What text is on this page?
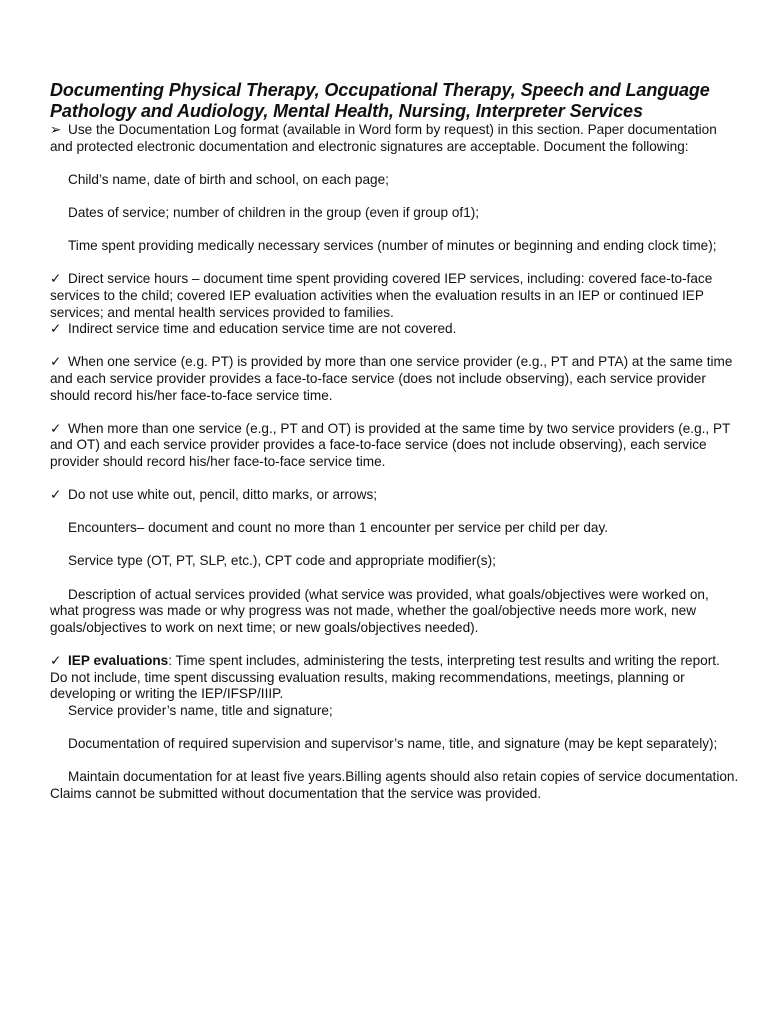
Documenting Physical Therapy, Occupational Therapy, Speech and Language
Pathology and Audiology, Mental Health, Nursing, Interpreter Services

➢ Use the Documentation Log format (available in Word form by request) in this section. Paper documentation and protected electronic documentation and electronic signatures are acceptable. Document the following:

Child’s name, date of birth and school, on each page;

Dates of service; number of children in the group (even if group of1);

Time spent providing medically necessary services (number of minutes or beginning and ending clock time);

✓ Direct service hours – document time spent providing covered IEP services, including: covered face-to-face services to the child; covered IEP evaluation activities when the evaluation results in an IEP or continued IEP services; and mental health services provided to families.

✓ Indirect service time and education service time are not covered.

✓ When one service (e.g. PT) is provided by more than one service provider (e.g., PT and PTA) at the same time and each service provider provides a face-to-face service (does not include observing), each service provider should record his/her face-to-face service time.

✓ When more than one service (e.g., PT and OT) is provided at the same time by two service providers (e.g., PT and OT) and each service provider provides a face-to-face service (does not include observing), each service provider should record his/her face-to-face service time.

✓ Do not use white out, pencil, ditto marks, or arrows;

Encounters– document and count no more than 1 encounter per service per child per day.

Service type (OT, PT, SLP, etc.), CPT code and appropriate modifier(s);

Description of actual services provided (what service was provided, what goals/objectives were worked on, what progress was made or why progress was not made, whether the goal/objective needs more work, new goals/objectives to work on next time; or new goals/objectives needed).

✓ IEP evaluations: Time spent includes, administering the tests, interpreting test results and writing the report. Do not include, time spent discussing evaluation results, making recommendations, meetings, planning or developing or writing the IEP/IFSP/IIIP.

Service provider’s name, title and signature;

Documentation of required supervision and supervisor’s name, title, and signature (may be kept separately);

Maintain documentation for at least five years.Billing agents should also retain copies of service documentation. Claims cannot be submitted without documentation that the service was provided.
